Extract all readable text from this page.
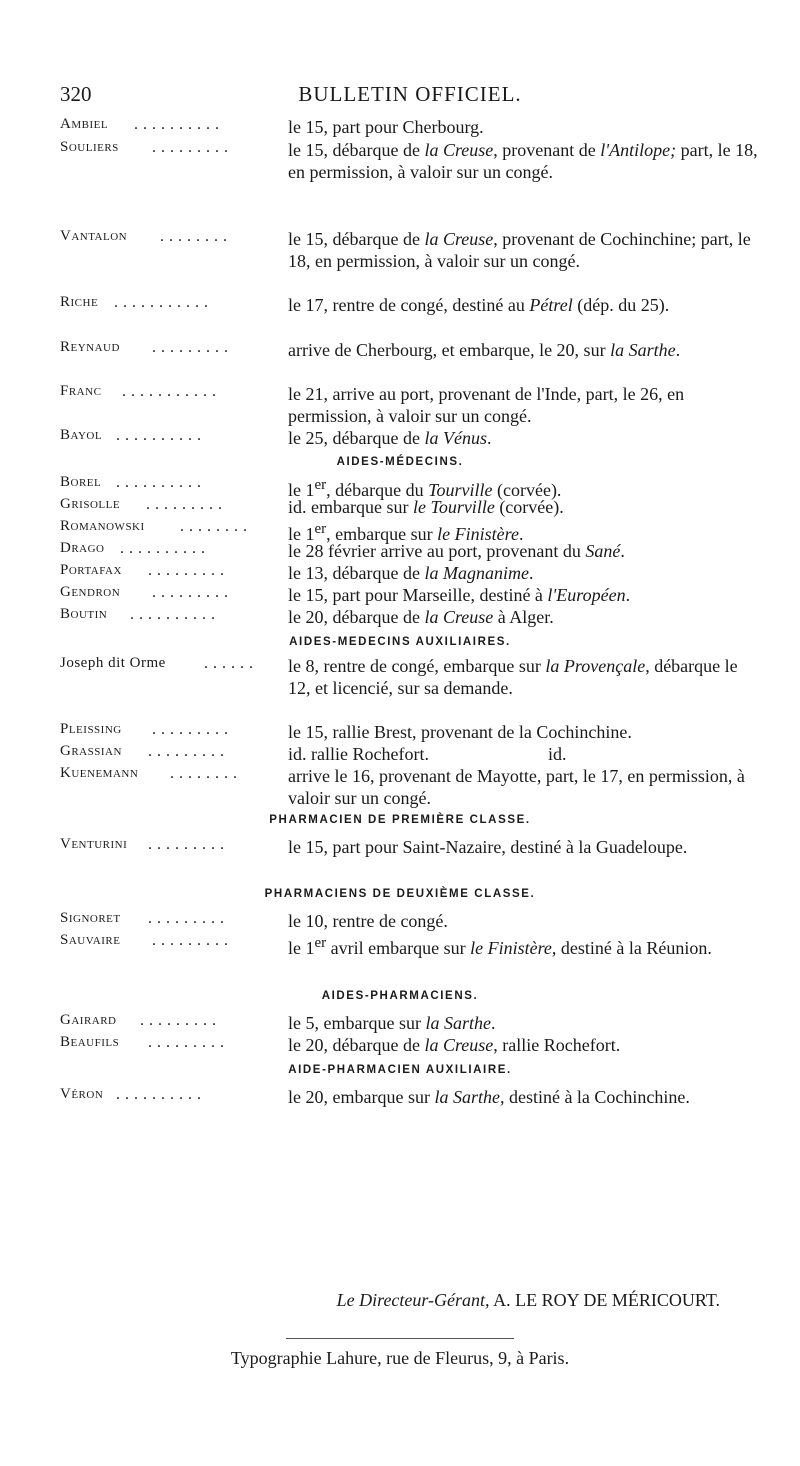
320	BULLETIN OFFICIEL.
Ambiel ..........	le 15, part pour Cherbourg.
Souliers .........	le 15, débarque de la Creuse, provenant de l'Antilope; part, le 18, en permission, à valoir sur un congé.
Vantalon ........	le 15, débarque de la Creuse, provenant de Cochinchine; part, le 18, en permission, à valoir sur un congé.
Riche ...........	le 17, rentre de congé, destiné au Pétrel (dép. du 25).
Reynaud .........	arrive de Cherbourg, et embarque, le 20, sur la Sarthe.
Franc ...........	le 21, arrive au port, provenant de l'Inde, part, le 26, en permission, à valoir sur un congé.
Bayol ..........	le 25, débarque de la Vénus.
AIDES-MÉDECINS.
Borel ..........	le 1er, débarque du Tourville (corvée).
Grisolle .........	id. embarque sur le Tourville (corvée).
Romanowski ........ le 1er, embarque sur le Finistère.
Drago ..........	le 28 février arrive au port, provenant du Sané.
Portafax .........	le 13, débarque de la Magnanime.
Gendron .........	le 15, part pour Marseille, destiné à l'Européen.
Boutin ..........	le 20, débarque de la Creuse à Alger.
AIDES-MEDECINS AUXILIAIRES.
Joseph dit Orme ...... le 8, rentre de congé, embarque sur la Provençale, débarque le 12, et licencié, sur sa demande.
Pleissing .........	le 15, rallie Brest, provenant de la Cochinchine.
Grassian .........	id. rallie Rochefort.	id.
Kuenemann ........	arrive le 16, provenant de Mayotte, part, le 17, en permission, à valoir sur un congé.
PHARMACIEN DE PREMIÈRE CLASSE.
Venturini .........	le 15, part pour Saint-Nazaire, destiné à la Guadeloupe.
PHARMACIENS DE DEUXIÈME CLASSE.
Signoret .........	le 10, rentre de congé.
Sauvaire .........	le 1er avril embarque sur le Finistère, destiné à la Réunion.
AIDES-PHARMACIENS.
Gairard .........	le 5, embarque sur la Sarthe.
Beaufils .........	le 20, débarque de la Creuse, rallie Rochefort.
AIDE-PHARMACIEN AUXILIAIRE.
Véron ..........	le 20, embarque sur la Sarthe, destiné à la Cochinchine.
Le Directeur-Gérant, A. LE ROY DE MÉRICOURT.
Typographie Lahure, rue de Fleurus, 9, à Paris.
